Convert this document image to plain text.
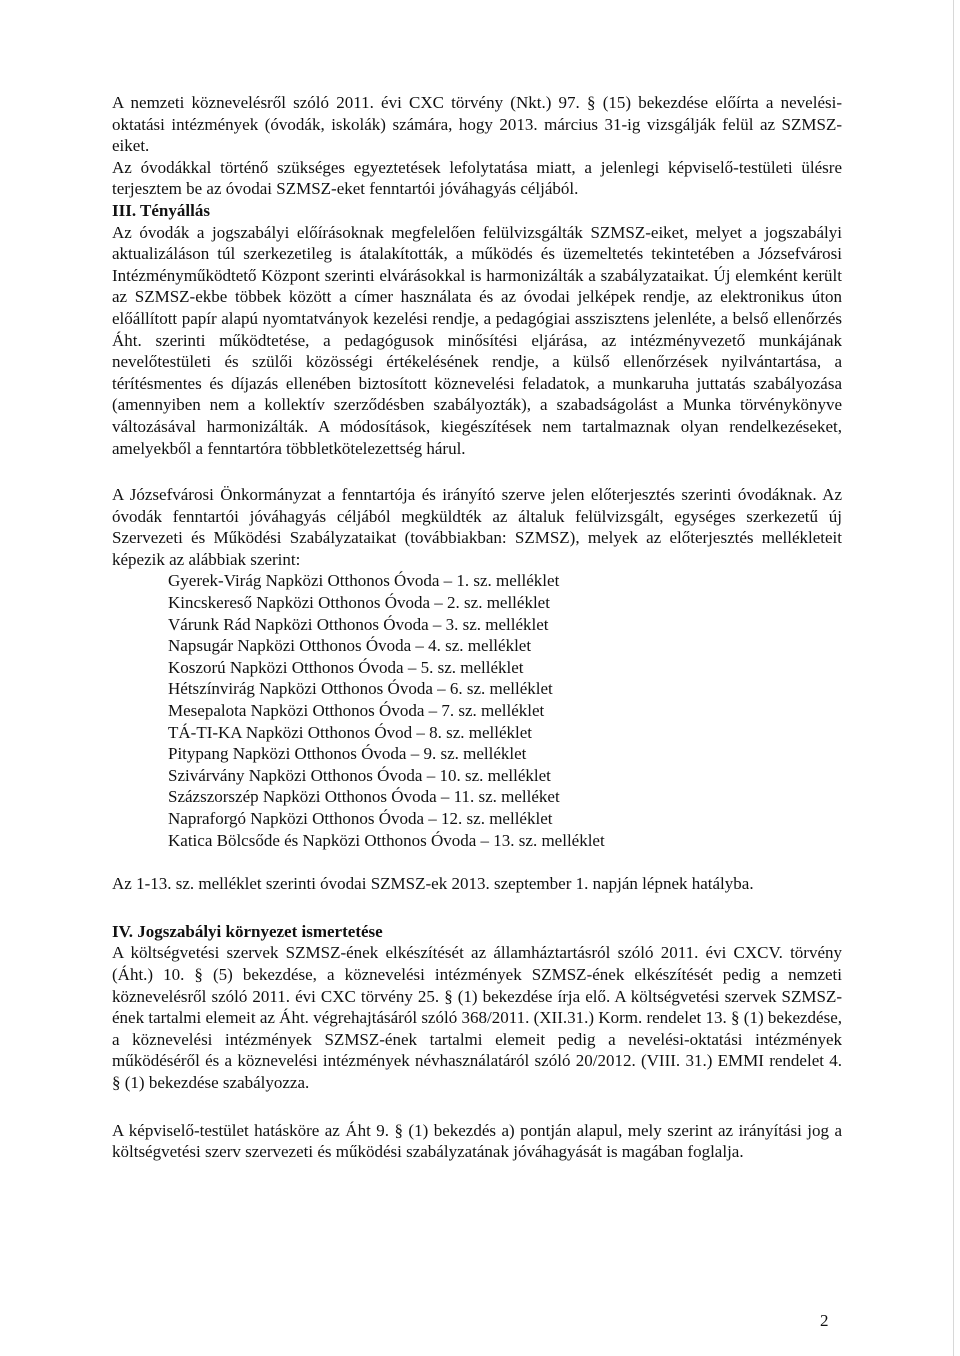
A nemzeti köznevelésről szóló 2011. évi CXC törvény (Nkt.) 97. § (15) bekezdése előírta a nevelési-oktatási intézmények (óvodák, iskolák) számára, hogy 2013. március 31-ig vizsgálják felül az SZMSZ-eiket.

Az óvodákkal történő szükséges egyeztetések lefolytatása miatt, a jelenlegi képviselő-testületi ülésre terjesztem be az óvodai SZMSZ-eket fenntartói jóváhagyás céljából.

III. Tényállás

Az óvodák a jogszabályi előírásoknak megfelelően felülvizsgálták SZMSZ-eiket, melyet a jogszabályi aktualizáláson túl szerkezetileg is átalakították, a működés és üzemeltetés tekintetében a Józsefvárosi Intézményműködtető Központ szerinti elvárásokkal is harmonizálták a szabályzataikat. Új elemként került az SZMSZ-ekbe többek között a címer használata és az óvodai jelképek rendje, az elektronikus úton előállított papír alapú nyomtatványok kezelési rendje, a pedagógiai asszisztens jelenléte, a belső ellenőrzés Áht. szerinti működtetése, a pedagógusok minősítési eljárása, az intézményvezető munkájának nevelőtestületi és szülői közösségi értékelésének rendje, a külső ellenőrzések nyilvántartása, a térítésmentes és díjazás ellenében biztosított köznevelési feladatok, a munkaruha juttatás szabályozása (amennyiben nem a kollektív szerződésben szabályozták), a szabadságolást a Munka törvénykönyve változásával harmonizálták. A módosítások, kiegészítések nem tartalmaznak olyan rendelkezéseket, amelyekből a fenntartóra többletkötelezettség hárul.

A Józsefvárosi Önkormányzat a fenntartója és irányító szerve jelen előterjesztés szerinti óvodáknak. Az óvodák fenntartói jóváhagyás céljából megküldték az általuk felülvizsgált, egységes szerkezetű új Szervezeti és Működési Szabályzataikat (továbbiakban: SZMSZ), melyek az előterjesztés mellékleteit képezik az alábbiak szerint:

Gyerek-Virág Napközi Otthonos Óvoda – 1. sz. melléklet
Kincskereső Napközi Otthonos Óvoda – 2. sz. melléklet
Várunk Rád Napközi Otthonos Óvoda – 3. sz. melléklet
Napsugár Napközi Otthonos Óvoda – 4. sz. melléklet
Koszorú Napközi Otthonos Óvoda – 5. sz. melléklet
Hétszínvirág Napközi Otthonos Óvoda – 6. sz. melléklet
Mesepalota Napközi Otthonos Óvoda – 7. sz. melléklet
TÁ-TI-KA Napközi Otthonos Óvod – 8. sz. melléklet
Pitypang Napközi Otthonos Óvoda – 9. sz. melléklet
Szivárvány Napközi Otthonos Óvoda – 10. sz. melléklet
Százszorszép Napközi Otthonos Óvoda – 11. sz. melléket
Napraforgó Napközi Otthonos Óvoda – 12. sz. melléklet
Katica Bölcsőde és Napközi Otthonos Óvoda – 13. sz. melléklet

Az 1-13. sz. melléklet szerinti óvodai SZMSZ-ek 2013. szeptember 1. napján lépnek hatályba.

IV. Jogszabályi környezet ismertetése

A költségvetési szervek SZMSZ-ének elkészítését az államháztartásról szóló 2011. évi CXCV. törvény (Áht.) 10. § (5) bekezdése, a köznevelési intézmények SZMSZ-ének elkészítését pedig a nemzeti köznevelésről szóló 2011. évi CXC törvény 25. § (1) bekezdése írja elő. A költségvetési szervek SZMSZ-ének tartalmi elemeit az Áht. végrehajtásáról szóló 368/2011. (XII.31.) Korm. rendelet 13. § (1) bekezdése, a köznevelési intézmények SZMSZ-ének tartalmi elemeit pedig a nevelési-oktatási intézmények működéséről és a köznevelési intézmények névhasználatáról szóló 20/2012. (VIII. 31.) EMMI rendelet 4. § (1) bekezdése szabályozza.

A képviselő-testület hatásköre az Áht 9. § (1) bekezdés a) pontján alapul, mely szerint az irányítási jog a költségvetési szerv szervezeti és működési szabályzatának jóváhagyását is magában foglalja.

2
